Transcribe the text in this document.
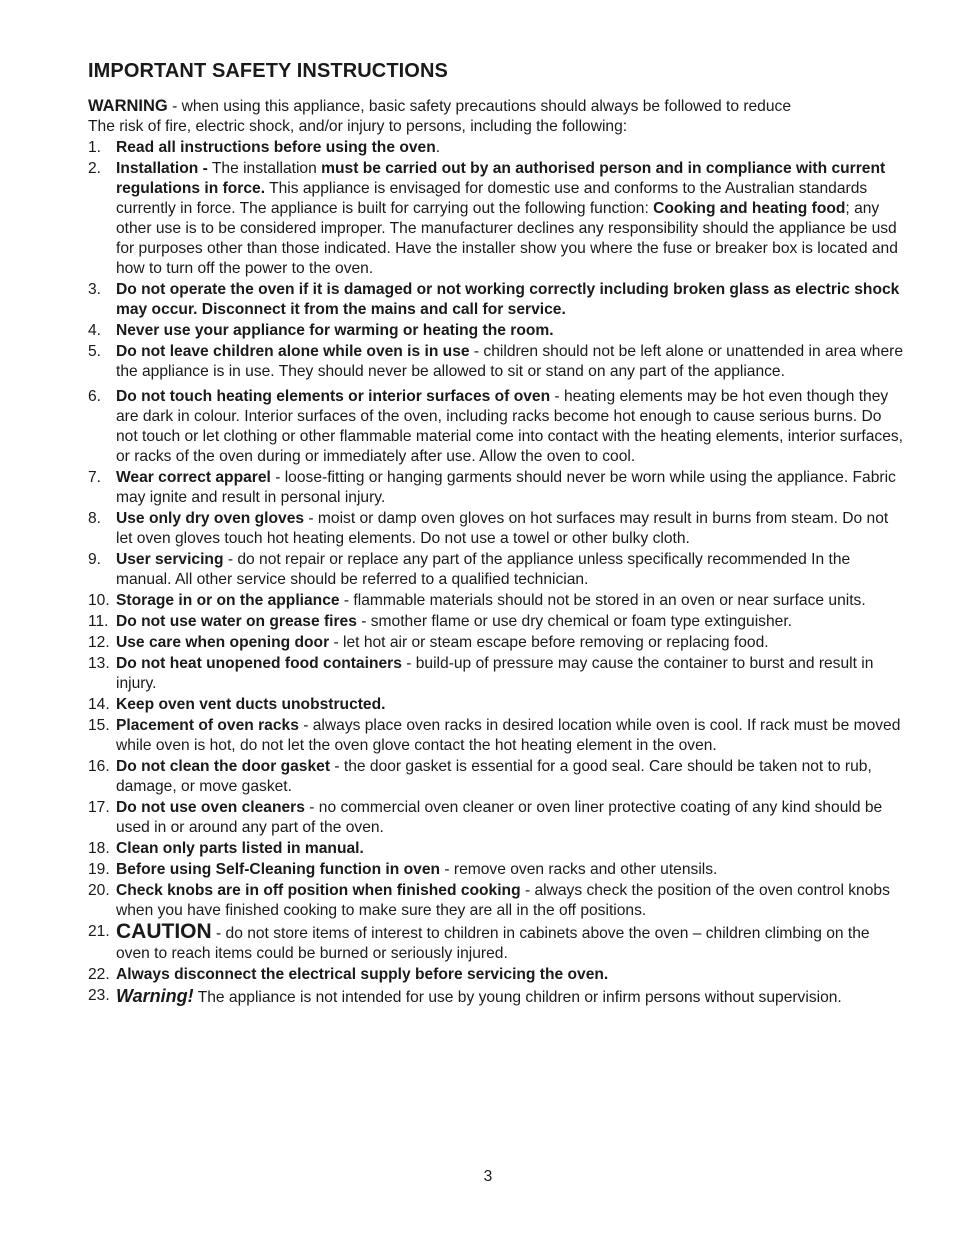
IMPORTANT SAFETY INSTRUCTIONS

WARNING - when using this appliance, basic safety precautions should always be followed to reduce
The risk of fire, electric shock, and/or injury to persons, including the following:

1. Read all instructions before using the oven.
2. Installation - The installation must be carried out by an authorised person and in compliance with current regulations in force. This appliance is envisaged for domestic use and conforms to the Australian standards currently in force. The appliance is built for carrying out the following function: Cooking and heating food; any other use is to be considered improper. The manufacturer declines any responsibility should the appliance be usd for purposes other than those indicated. Have the installer show you where the fuse or breaker box is located and how to turn off the power to the oven.
3. Do not operate the oven if it is damaged or not working correctly including broken glass as electric shock may occur. Disconnect it from the mains and call for service.
4. Never use your appliance for warming or heating the room.
5. Do not leave children alone while oven is in use - children should not be left alone or unattended in area where the appliance is in use. They should never be allowed to sit or stand on any part of the appliance.
6. Do not touch heating elements or interior surfaces of oven - heating elements may be hot even though they are dark in colour. Interior surfaces of the oven, including racks become hot enough to cause serious burns. Do not touch or let clothing or other flammable material come into contact with the heating elements, interior surfaces, or racks of the oven during or immediately after use. Allow the oven to cool.
7. Wear correct apparel - loose-fitting or hanging garments should never be worn while using the appliance. Fabric may ignite and result in personal injury.
8. Use only dry oven gloves - moist or damp oven gloves on hot surfaces may result in burns from steam. Do not let oven gloves touch hot heating elements. Do not use a towel or other bulky cloth.
9. User servicing - do not repair or replace any part of the appliance unless specifically recommended In the manual. All other service should be referred to a qualified technician.
10. Storage in or on the appliance - flammable materials should not be stored in an oven or near surface units.
11. Do not use water on grease fires - smother flame or use dry chemical or foam type extinguisher.
12. Use care when opening door - let hot air or steam escape before removing or replacing food.
13. Do not heat unopened food containers - build-up of pressure may cause the container to burst and result in injury.
14. Keep oven vent ducts unobstructed.
15. Placement of oven racks - always place oven racks in desired location while oven is cool. If rack must be moved while oven is hot, do not let the oven glove contact the hot heating element in the oven.
16. Do not clean the door gasket - the door gasket is essential for a good seal. Care should be taken not to rub, damage, or move gasket.
17. Do not use oven cleaners - no commercial oven cleaner or oven liner protective coating of any kind should be used in or around any part of the oven.
18. Clean only parts listed in manual.
19. Before using Self-Cleaning function in oven - remove oven racks and other utensils.
20. Check knobs are in off position when finished cooking - always check the position of the oven control knobs when you have finished cooking to make sure they are all in the off positions.
21. CAUTION - do not store items of interest to children in cabinets above the oven – children climbing on the oven to reach items could be burned or seriously injured.
22. Always disconnect the electrical supply before servicing the oven.
23. Warning! The appliance is not intended for use by young children or infirm persons without supervision.
3
